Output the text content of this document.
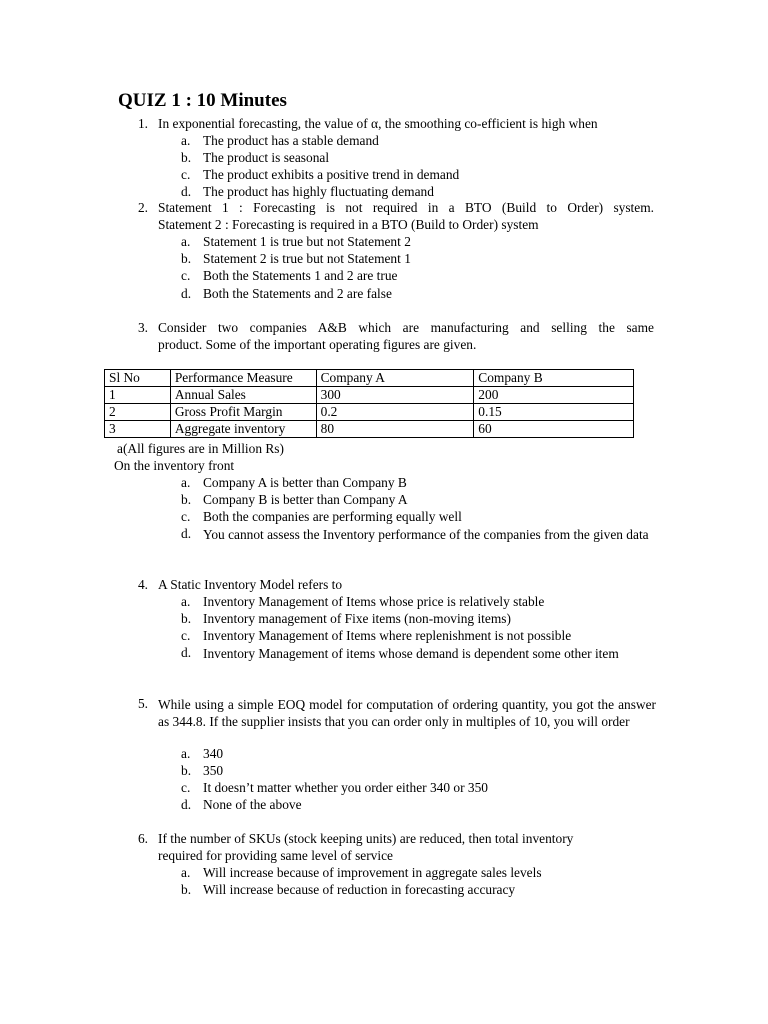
QUIZ 1 : 10 Minutes
1. In exponential forecasting, the value of α, the smoothing co-efficient is high when
a. The product has a stable demand
b. The product is seasonal
c. The product exhibits a positive trend in demand
d. The product has highly fluctuating demand
2. Statement 1 : Forecasting is not required in a BTO (Build to Order) system.
Statement 2 : Forecasting is required in a BTO (Build to Order) system
a. Statement 1 is true but not Statement 2
b. Statement 2 is true but not Statement 1
c. Both the Statements 1 and 2 are true
d. Both the Statements and 2 are false
3. Consider two companies A&B which are manufacturing and selling the same
product. Some of the important operating figures are given.
Sl No	Performance Measure	Company A	Company B
1	Annual Sales	300	200
2	Gross Profit Margin	0.2	0.15
3	Aggregate inventory	80	60
a(All figures are in Million Rs)
On the inventory front
a. Company A is better than Company B
b. Company B is better than Company A
c. Both the companies are performing equally well
d. You cannot assess the Inventory performance of the companies from the given data
4. A Static Inventory Model refers to
a. Inventory Management of Items whose price is relatively stable
b. Inventory management of Fixe items (non-moving items)
c. Inventory Management of Items where replenishment is not possible
d. Inventory Management of items whose demand is dependent some other item
5. While using a simple EOQ model for computation of ordering quantity, you got the answer as 344.8. If the supplier insists that you can order only in multiples of 10, you will order
a. 340
b. 350
c. It doesn’t matter whether you order either 340 or 350
d. None of the above
6. If the number of SKUs (stock keeping units) are reduced, then total inventory
required for providing same level of service
a. Will increase because of improvement in aggregate sales levels
b. Will increase because of reduction in forecasting accuracy
